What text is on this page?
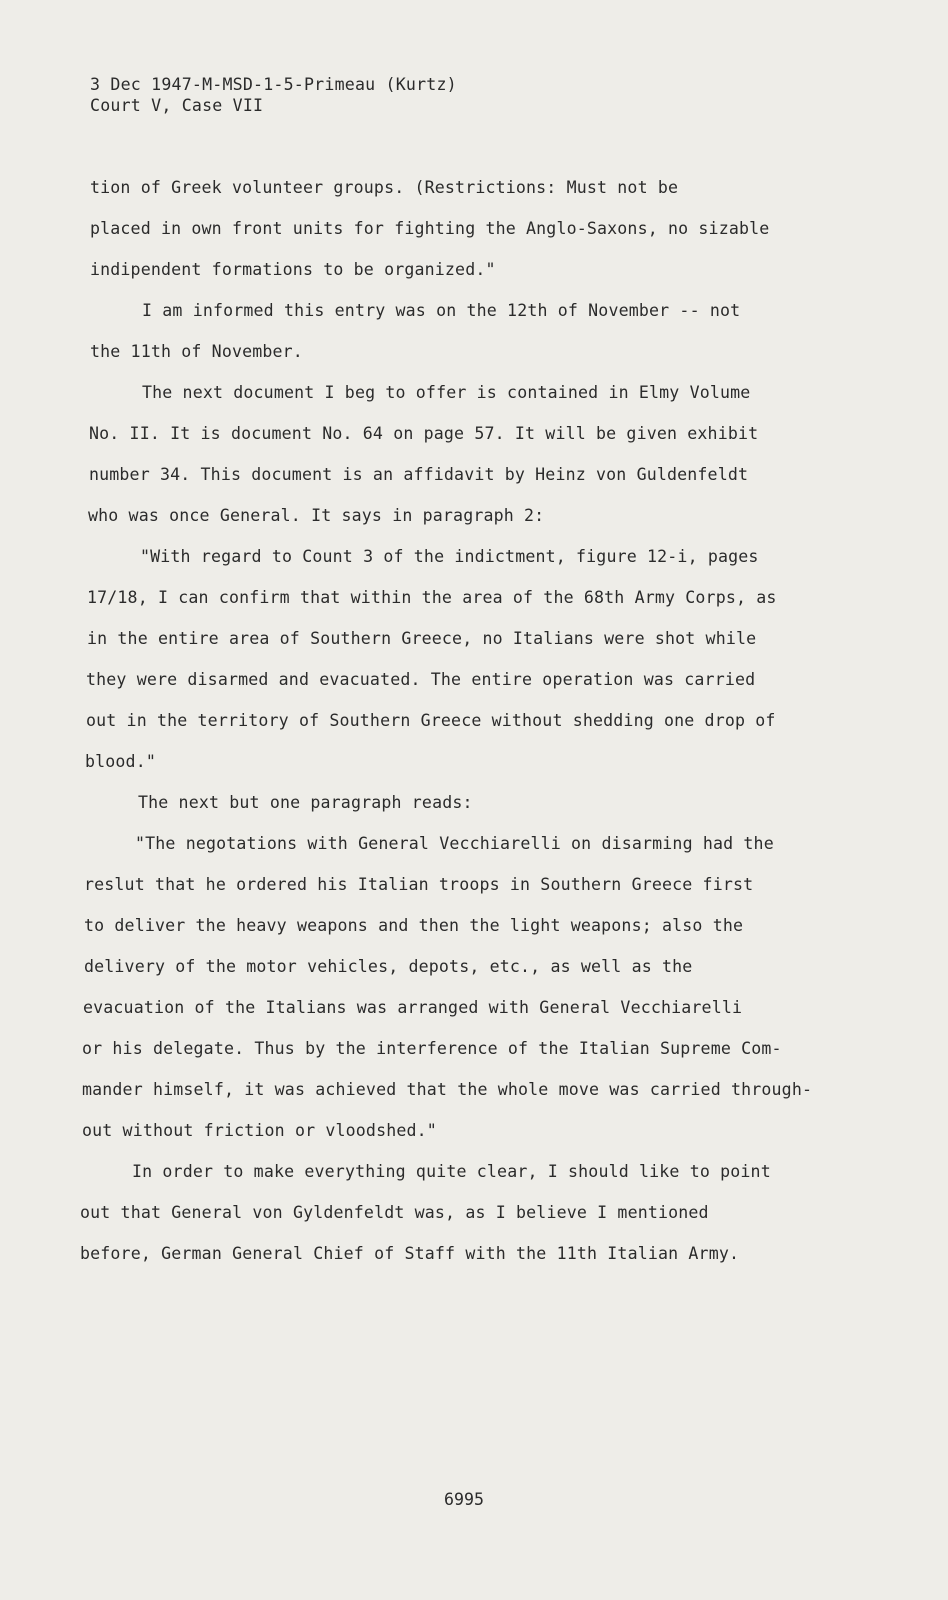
3 Dec 1947-M-MSD-1-5-Primeau (Kurtz)
Court V, Case VII
tion of Greek volunteer groups. (Restrictions: Must not be
placed in own front units for fighting the Anglo-Saxons, no sizable
indipendent formations to be organized."
I am informed this entry was on the 12th of November -- not
the 11th of November.
The next document I beg to offer is contained in Elmy Volume
No. II. It is document No. 64 on page 57. It will be given exhibit
number 34. This document is an affidavit by Heinz von Guldenfeldt
who was once General. It says in paragraph 2:
"With regard to Count 3 of the indictment, figure 12-i, pages
17/18, I can confirm that within the area of the 68th Army Corps, as
in the entire area of Southern Greece, no Italians were shot while
they were disarmed and evacuated. The entire operation was carried
out in the territory of Southern Greece without shedding one drop of
blood."
The next but one paragraph reads:
"The negotations with General Vecchiarelli on disarming had the
reslut that he ordered his Italian troops in Southern Greece first
to deliver the heavy weapons and then the light weapons; also the
delivery of the motor vehicles, depots, etc., as well as the
evacuation of the Italians was arranged with General Vecchiarelli
or his delegate. Thus by the interference of the Italian Supreme Com-
mander himself, it was achieved that the whole move was carried through-
out without friction or vloodshed."
In order to make everything quite clear, I should like to point
out that General von Gyldenfeldt was, as I believe I mentioned
before, German General Chief of Staff with the 11th Italian Army.
6995
